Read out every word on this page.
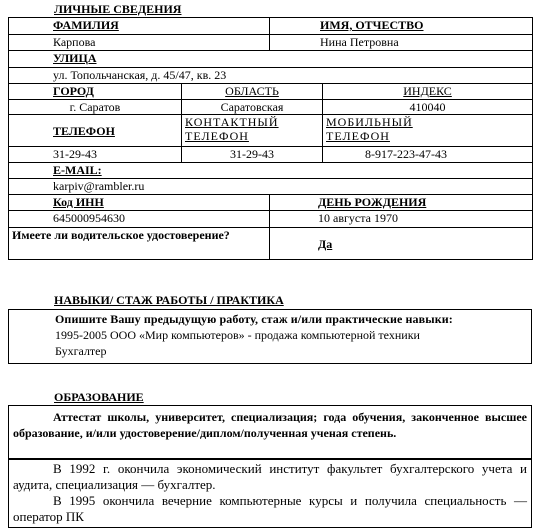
ЛИЧНЫЕ СВЕДЕНИЯ
ФАМИЛИЯ		ИМЯ, ОТЧЕСТВО	
Карпова		Нина Петровна	
УЛИЦА			
ул. Топольчанская, д. 45/47, кв. 23			
ГОРОД	ОБЛАСТЬ		ИНДЕКС
г. Саратов	Саратовская		410040
ТЕЛЕФОН	КОНТАКТНЫЙ ТЕЛЕФОН		МОБИЛЬНЫЙ ТЕЛЕФОН
31-29-43	31-29-43		8-917-223-47-43
E-MAIL:			
karpiv@rambler.ru			
Код ИНН		ДЕНЬ РОЖДЕНИЯ	
645000954630		10 августа 1970	
Имеете ли водительское удостоверение?		Да	
НАВЫКИ/ СТАЖ РАБОТЫ / ПРАКТИКА
Опишите Вашу предыдущую работу, стаж и/или практические навыки:
1995-2005 ООО «Мир компьютеров» - продажа компьютерной техники
Бухгалтер
ОБРАЗОВАНИЕ
Аттестат школы, университет, специализация; года обучения, законченное высшее образование, и/или удостоверение/диплом/полученная ученая степень.
В 1992 г. окончила экономический институт факультет бухгалтерского учета и аудита, специализация — бухгалтер.
В 1995 окончила вечерние компьютерные курсы и получила специальность — оператор ПК
